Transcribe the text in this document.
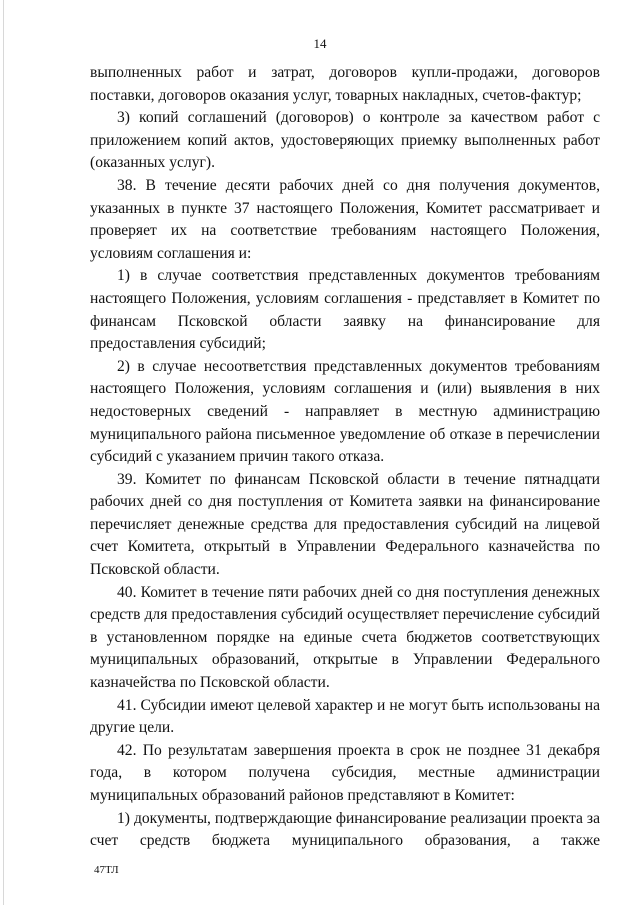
14

выполненных работ и затрат, договоров купли-продажи, договоров поставки, договоров оказания услуг, товарных накладных, счетов-фактур;

3) копий соглашений (договоров) о контроле за качеством работ с приложением копий актов, удостоверяющих приемку выполненных работ (оказанных услуг).

38. В течение десяти рабочих дней со дня получения документов, указанных в пункте 37 настоящего Положения, Комитет рассматривает и проверяет их на соответствие требованиям настоящего Положения, условиям соглашения и:

1) в случае соответствия представленных документов требованиям настоящего Положения, условиям соглашения - представляет в Комитет по финансам Псковской области заявку на финансирование для предоставления субсидий;

2) в случае несоответствия представленных документов требованиям настоящего Положения, условиям соглашения и (или) выявления в них недостоверных сведений - направляет в местную администрацию муниципального района письменное уведомление об отказе в перечислении субсидий с указанием причин такого отказа.

39. Комитет по финансам Псковской области в течение пятнадцати рабочих дней со дня поступления от Комитета заявки на финансирование перечисляет денежные средства для предоставления субсидий на лицевой счет Комитета, открытый в Управлении Федерального казначейства по Псковской области.

40. Комитет в течение пяти рабочих дней со дня поступления денежных средств для предоставления субсидий осуществляет перечисление субсидий в установленном порядке на единые счета бюджетов соответствующих муниципальных образований, открытые в Управлении Федерального казначейства по Псковской области.

41. Субсидии имеют целевой характер и не могут быть использованы на другие цели.

42. По результатам завершения проекта в срок не позднее 31 декабря года, в котором получена субсидия, местные администрации муниципальных образований районов представляют в Комитет:

1) документы, подтверждающие финансирование реализации проекта за счет средств бюджета муниципального образования, а также

47ТЛ
